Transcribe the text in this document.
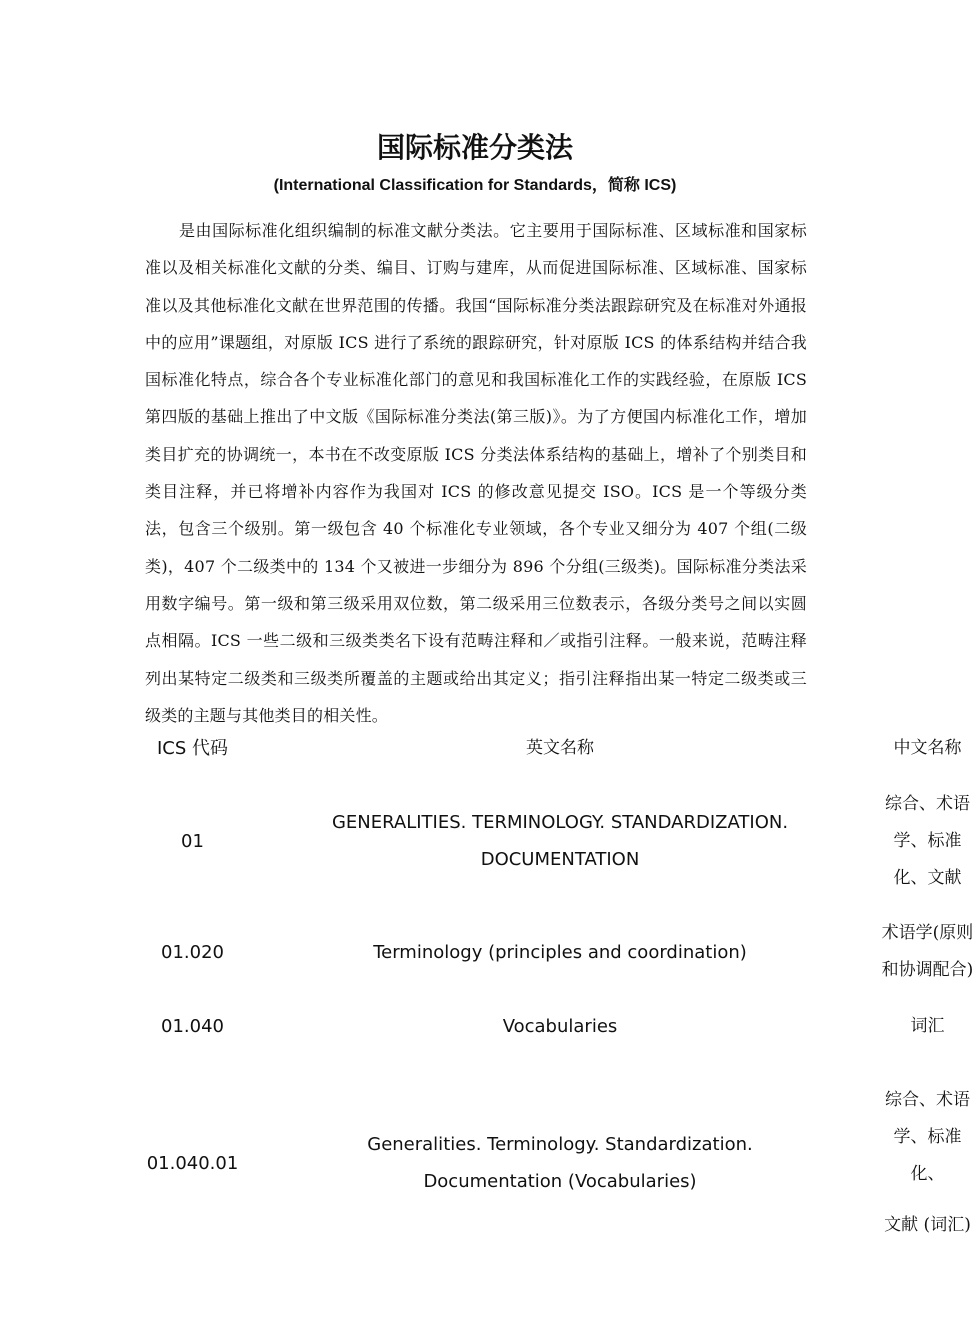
国际标准分类法
(International Classification for Standards，简称 ICS)

是由国际标准化组织编制的标准文献分类法。它主要用于国际标准、区域标准和国家标准以及相关标准化文献的分类、编目、订购与建库，从而促进国际标准、区域标准、国家标准以及其他标准化文献在世界范围的传播。我国“国际标准分类法跟踪研究及在标准对外通报中的应用”课题组，对原版 ICS 进行了系统的跟踪研究，针对原版 ICS 的体系结构并结合我国标准化特点，综合各个专业标准化部门的意见和我国标准化工作的实践经验，在原版 ICS 第四版的基础上推出了中文版《国际标准分类法(第三版)》。为了方便国内标准化工作，增加类目扩充的协调统一，本书在不改变原版 ICS 分类法体系结构的基础上，增补了个别类目和类目注释，并已将增补内容作为我国对 ICS 的修改意见提交 ISO。ICS 是一个等级分类法，包含三个级别。第一级包含 40 个标准化专业领域，各个专业又细分为 407 个组(二级类)，407 个二级类中的 134 个又被进一步细分为 896 个分组(三级类)。国际标准分类法采用数字编号。第一级和第三级采用双位数，第二级采用三位数表示，各级分类号之间以实圆点相隔。ICS 一些二级和三级类类名下设有范畴注释和／或指引注释。一般来说，范畴注释列出某特定二级类和三级类所覆盖的主题或给出其定义；指引注释指出某一特定二级类或三级类的主题与其他类目的相关性。

ICS 代码	英文名称	中文名称
01	GENERALITIES. TERMINOLOGY. STANDARDIZATION.
DOCUMENTATION	综合、术语学、标准化、文献
01.020	Terminology (principles and coordination)	术语学(原则和协调配合)
01.040	Vocabularies	词汇
01.040.01	Generalities. Terminology. Standardization.
Documentation (Vocabularies)	综合、术语学、标准化、
文献 (词汇)
